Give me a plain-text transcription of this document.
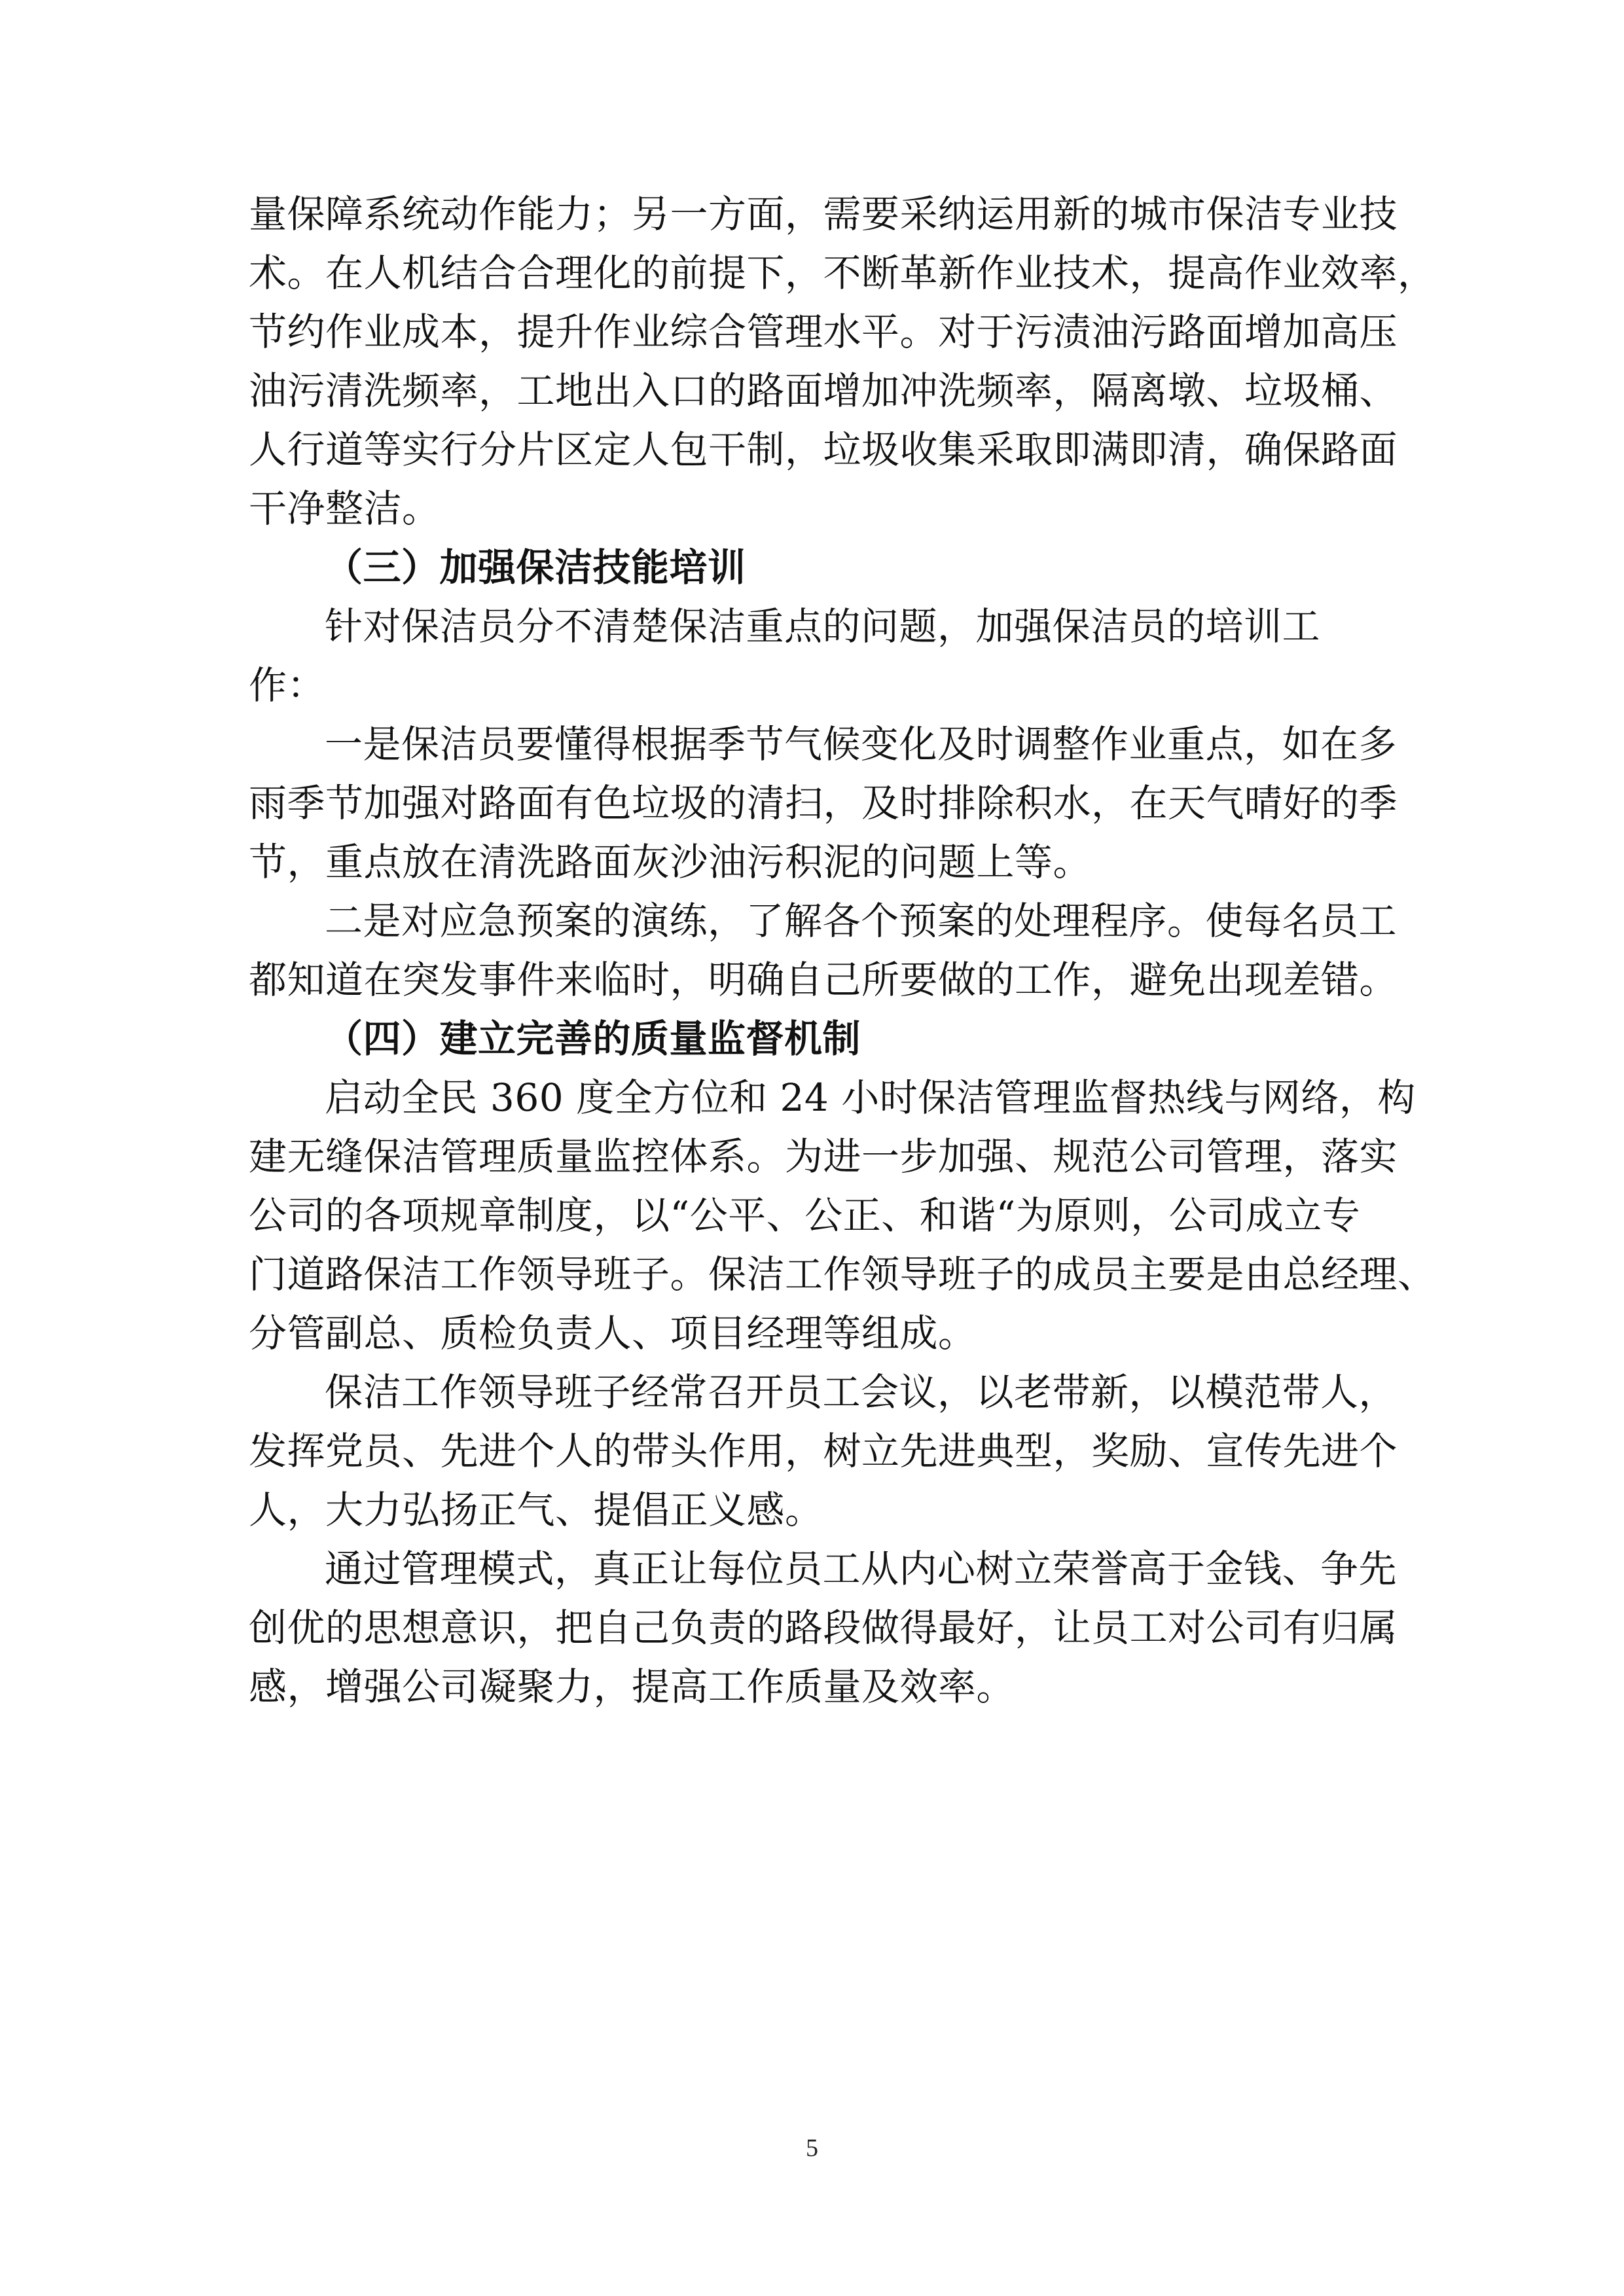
量保障系统动作能力；另一方面，需要采纳运用新的城市保洁专业技
术。在人机结合合理化的前提下，不断革新作业技术，提高作业效率，
节约作业成本，提升作业综合管理水平。对于污渍油污路面增加高压
油污清洗频率，工地出入口的路面增加冲洗频率，隔离墩、垃圾桶、
人行道等实行分片区定人包干制，垃圾收集采取即满即清，确保路面
干净整洁。

（三）加强保洁技能培训

针对保洁员分不清楚保洁重点的问题，加强保洁员的培训工作：

一是保洁员要懂得根据季节气候变化及时调整作业重点，如在多
雨季节加强对路面有色垃圾的清扫，及时排除积水，在天气晴好的季
节，重点放在清洗路面灰沙油污积泥的问题上等。

二是对应急预案的演练，了解各个预案的处理程序。使每名员工
都知道在突发事件来临时，明确自己所要做的工作，避免出现差错。

（四）建立完善的质量监督机制

启动全民 360 度全方位和 24 小时保洁管理监督热线与网络，构
建无缝保洁管理质量监控体系。为进一步加强、规范公司管理，落实
公司的各项规章制度，以“公平、公正、和谐“为原则，公司成立专
门道路保洁工作领导班子。保洁工作领导班子的成员主要是由总经理、
分管副总、质检负责人、项目经理等组成。

保洁工作领导班子经常召开员工会议，以老带新，以模范带人，
发挥党员、先进个人的带头作用，树立先进典型，奖励、宣传先进个
人，大力弘扬正气、提倡正义感。

通过管理模式，真正让每位员工从内心树立荣誉高于金钱、争先
创优的思想意识，把自己负责的路段做得最好，让员工对公司有归属
感，增强公司凝聚力，提高工作质量及效率。

5
